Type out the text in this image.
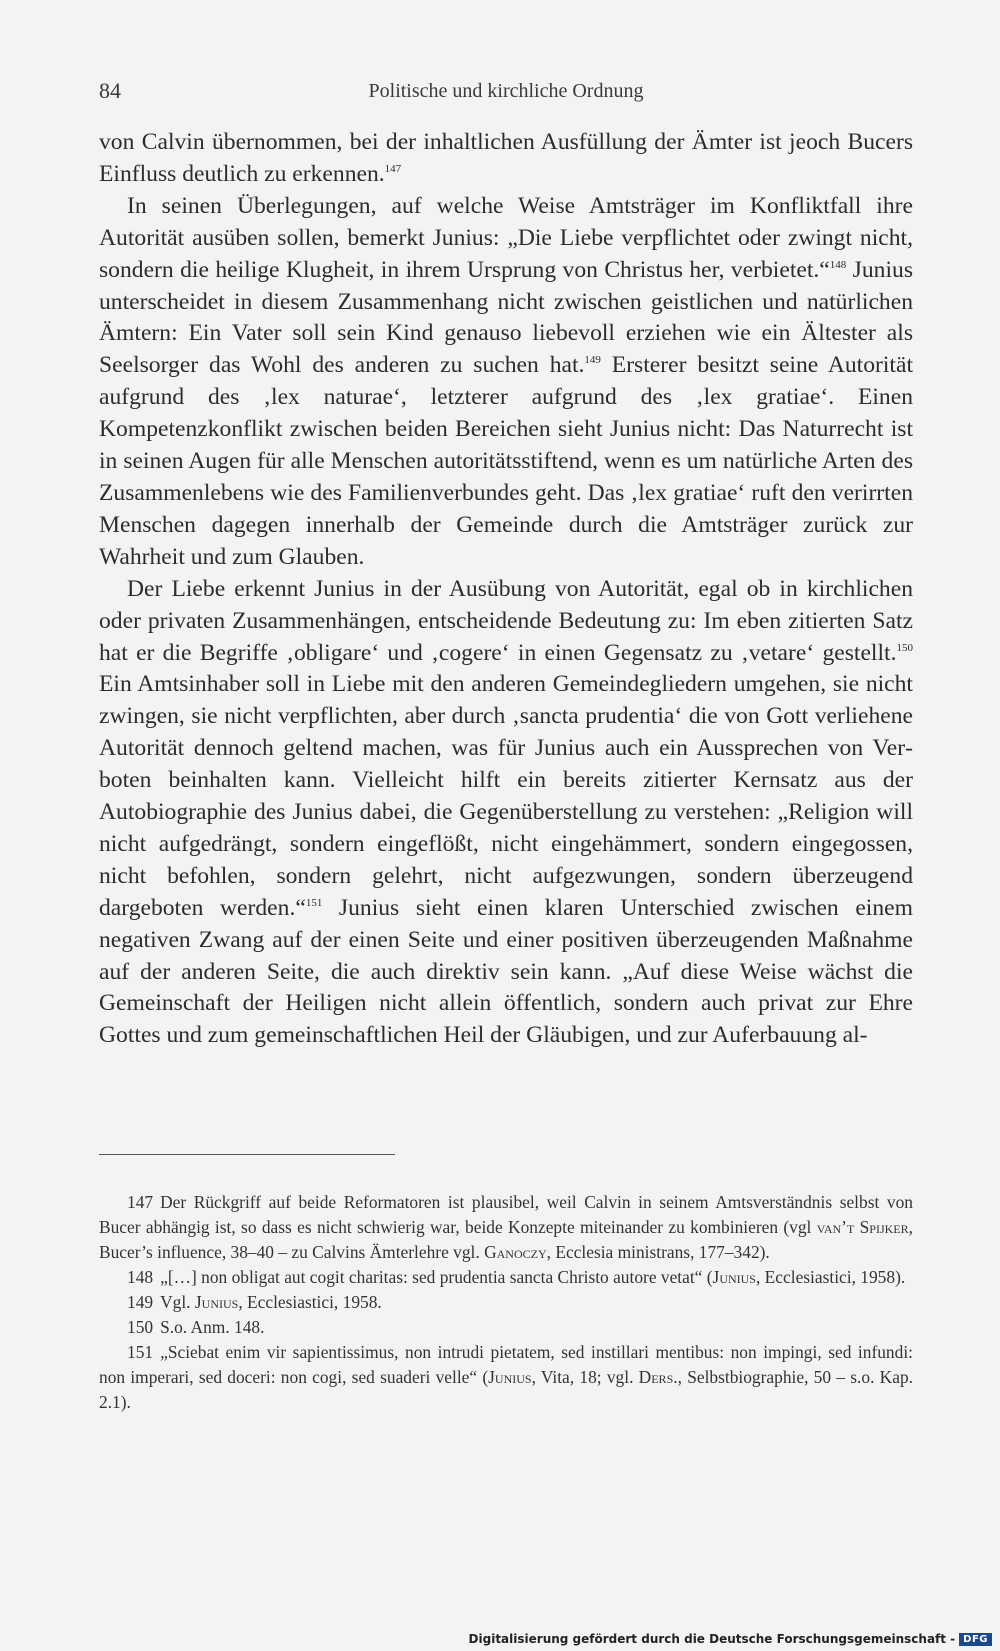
84	Politische und kirchliche Ordnung

von Calvin übernommen, bei der inhaltlichen Ausfüllung der Ämter ist jeoch Bucers Einfluss deutlich zu erkennen.$^{147}$

In seinen Überlegungen, auf welche Weise Amtsträger im Konfliktfall ihre Autorität ausüben sollen, bemerkt Junius: „Die Liebe verpflichtet oder zwingt nicht, sondern die heilige Klugheit, in ihrem Ursprung von Christus her, verbietet.“$^{148}$ Junius unterscheidet in diesem Zusammenhang nicht zwischen geistlichen und natürlichen Ämtern: Ein Vater soll sein Kind genauso liebevoll erziehen wie ein Ältester als Seelsorger das Wohl des anderen zu suchen hat.$^{149}$ Ersterer besitzt seine Autorität aufgrund des ‚lex naturae‘, letzterer aufgrund des ‚lex gratiae‘. Einen Kompetenzkonflikt zwischen beiden Bereichen sieht Junius nicht: Das Naturrecht ist in seinen Augen für alle Menschen autoritätsstiftend, wenn es um natürliche Arten des Zusammenlebens wie des Familienverbundes geht. Das ‚lex gratiae‘ ruft den verirrten Menschen dagegen innerhalb der Gemeinde durch die Amtsträger zurück zur Wahrheit und zum Glauben.

Der Liebe erkennt Junius in der Ausübung von Autorität, egal ob in kirchlichen oder privaten Zusammenhängen, entscheidende Bedeutung zu: Im eben zitierten Satz hat er die Begriffe ‚obligare‘ und ‚cogere‘ in einen Gegensatz zu ‚vetare‘ gestellt.$^{150}$ Ein Amtsinhaber soll in Liebe mit den anderen Gemeindegliedern umgehen, sie nicht zwingen, sie nicht verpflichten, aber durch ‚sancta prudentia‘ die von Gott verliehene Autorität dennoch geltend machen, was für Junius auch ein Aussprechen von Verboten beinhalten kann. Vielleicht hilft ein bereits zitierter Kernsatz aus der Autobiographie des Junius dabei, die Gegenüberstellung zu verstehen: „Religion will nicht aufgedrängt, sondern eingeflößt, nicht eingehämmert, sondern eingegossen, nicht befohlen, sondern gelehrt, nicht aufgezwungen, sondern überzeugend dargeboten werden.“$^{151}$ Junius sieht einen klaren Unterschied zwischen einem negativen Zwang auf der einen Seite und einer positiven überzeugenden Maßnahme auf der anderen Seite, die auch direktiv sein kann. „Auf diese Weise wächst die Gemeinschaft der Heiligen nicht allein öffentlich, sondern auch privat zur Ehre Gottes und zum gemeinschaftlichen Heil der Gläubigen, und zur Auferbauung al-

147 Der Rückgriff auf beide Reformatoren ist plausibel, weil Calvin in seinem Amtsverständnis selbst von Bucer abhängig ist, so dass es nicht schwierig war, beide Konzepte miteinander zu kombinieren (vgl van’t Spijker, Bucer’s influence, 38–40 – zu Calvins Ämterlehre vgl. Ganoczy, Ecclesia ministrans, 177–342).

148 „[…] non obligat aut cogit charitas: sed prudentia sancta Christo autore vetat“ (Junius, Ecclesiastici, 1958).

149 Vgl. Junius, Ecclesiastici, 1958.

150 S.o. Anm. 148.

151 „Sciebat enim vir sapientissimus, non intrudi pietatem, sed instillari mentibus: non impingi, sed infundi: non imperari, sed doceri: non cogi, sed suaderi velle“ (Junius, Vita, 18; vgl. Ders., Selbstbiographie, 50 – s.o. Kap. 2.1).

Digitalisierung gefördert durch die Deutsche Forschungsgemeinschaft - DFG
